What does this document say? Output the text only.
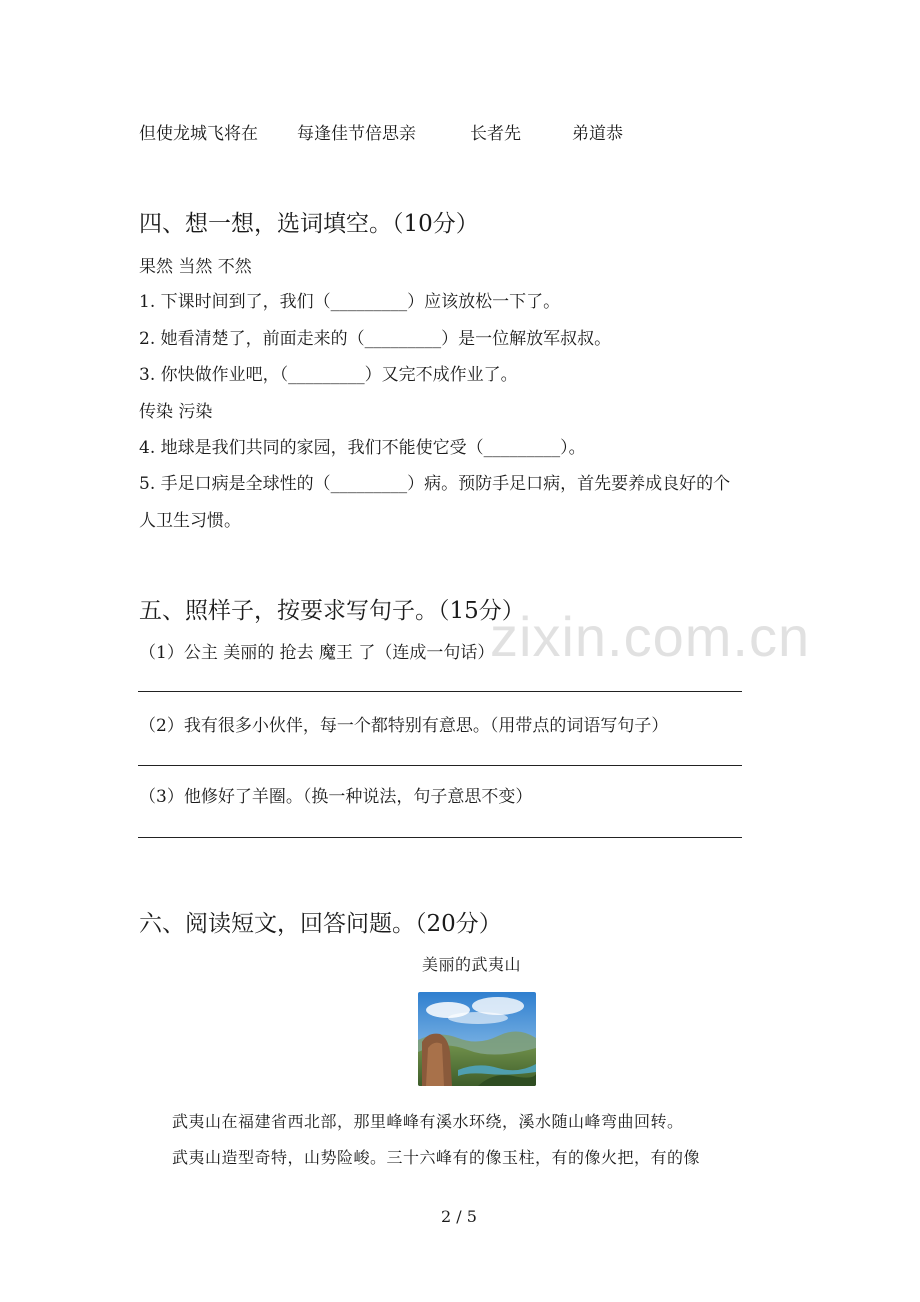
但使龙城飞将在 每逢佳节倍思亲	长者先	弟道恭
四、想一想，选词填空。（10分）
果然 当然 不然
1. 下课时间到了，我们（_________）应该放松一下了。
2. 她看清楚了，前面走来的（_________）是一位解放军叔叔。
3. 你快做作业吧，（_________）又完不成作业了。
传染 污染
4. 地球是我们共同的家园，我们不能使它受（_________）。
5. 手足口病是全球性的（_________）病。预防手足口病，首先要养成良好的个
人卫生习惯。
zixin.com.cn
五、照样子，按要求写句子。（15分）
（1）公主 美丽的 抢去 魔王 了（连成一句话）
（2）我有很多小伙伴，每一个都特别有意思。（用带点的词语写句子）
（3）他修好了羊圈。（换一种说法，句子意思不变）
六、阅读短文，回答问题。（20分）
美丽的武夷山
武夷山在福建省西北部，那里峰峰有溪水环绕，溪水随山峰弯曲回转。
武夷山造型奇特，山势险峻。三十六峰有的像玉柱，有的像火把，有的像
2 / 5
